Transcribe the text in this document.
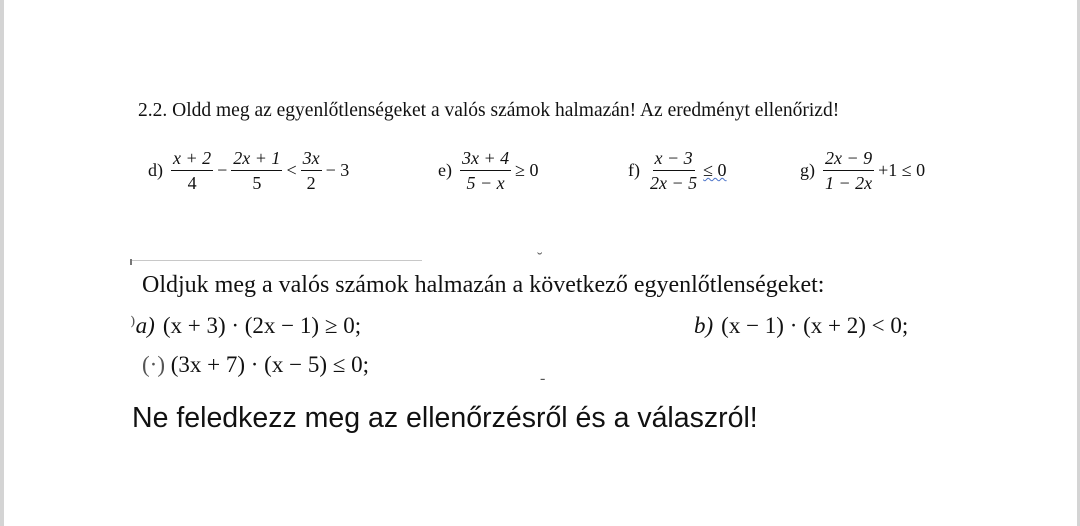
2.2. Oldd meg az egyenlőtlenségeket a valós számok halmazán! Az eredményt ellenőrizd!
$d) \frac{x + 2}{4} - \frac{2x + 1}{5} < \frac{3x}{2} - 3$	$e) \frac{3x + 4}{5 - x} \ge 0$	$f) \frac{x - 3}{2x - 5} \le 0$	$g) \frac{2x - 9}{1 - 2x} +1 \le 0$
˘
‐
Oldjuk meg a valós számok halmazán a következő egyenlőtlenségeket:
⁾a) (x + 3) · (2x − 1) ≥ 0;	b) (x − 1) · (x + 2) < 0;
(·) (3x + 7) · (x − 5) ≤ 0;
Ne feledkezz meg az ellenőrzésről és a válaszról!
